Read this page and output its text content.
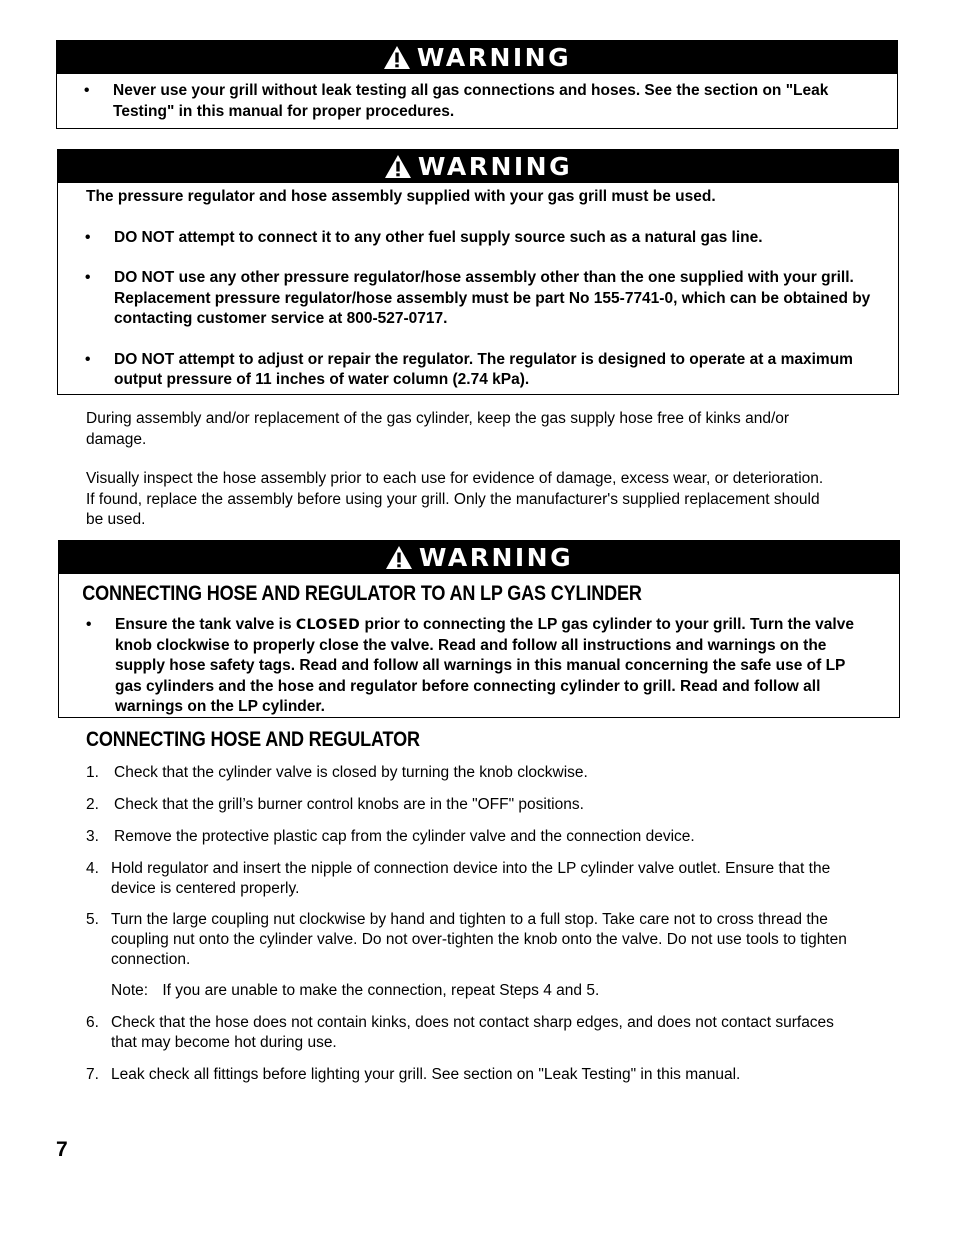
WARNING
• Never use your grill without leak testing all gas connections and hoses. See the section on "Leak Testing" in this manual for proper procedures.
WARNING
The pressure regulator and hose assembly supplied with your gas grill must be used.
• DO NOT attempt to connect it to any other fuel supply source such as a natural gas line.
• DO NOT use any other pressure regulator/hose assembly other than the one supplied with your grill. Replacement pressure regulator/hose assembly must be part No 155-7741-0, which can be obtained by contacting customer service at 800-527-0717.
• DO NOT attempt to adjust or repair the regulator. The regulator is designed to operate at a maximum output pressure of 11 inches of water column (2.74 kPa).
During assembly and/or replacement of the gas cylinder, keep the gas supply hose free of kinks and/or damage.
Visually inspect the hose assembly prior to each use for evidence of damage, excess wear, or deterioration. If found, replace the assembly before using your grill. Only the manufacturer's supplied replacement should be used.
WARNING
CONNECTING HOSE AND REGULATOR TO AN LP GAS CYLINDER
• Ensure the tank valve is CLOSED prior to connecting the LP gas cylinder to your grill. Turn the valve knob clockwise to properly close the valve. Read and follow all instructions and warnings on the supply hose safety tags. Read and follow all warnings in this manual concerning the safe use of LP gas cylinders and the hose and regulator before connecting cylinder to grill. Read and follow all warnings on the LP cylinder.
CONNECTING HOSE AND REGULATOR
1. Check that the cylinder valve is closed by turning the knob clockwise.
2. Check that the grill’s burner control knobs are in the "OFF" positions.
3. Remove the protective plastic cap from the cylinder valve and the connection device.
4. Hold regulator and insert the nipple of connection device into the LP cylinder valve outlet. Ensure that the device is centered properly.
5. Turn the large coupling nut clockwise by hand and tighten to a full stop. Take care not to cross thread the coupling nut onto the cylinder valve. Do not over-tighten the knob onto the valve. Do not use tools to tighten connection.
Note: If you are unable to make the connection, repeat Steps 4 and 5.
6. Check that the hose does not contain kinks, does not contact sharp edges, and does not contact surfaces that may become hot during use.
7. Leak check all fittings before lighting your grill. See section on "Leak Testing" in this manual.
7
